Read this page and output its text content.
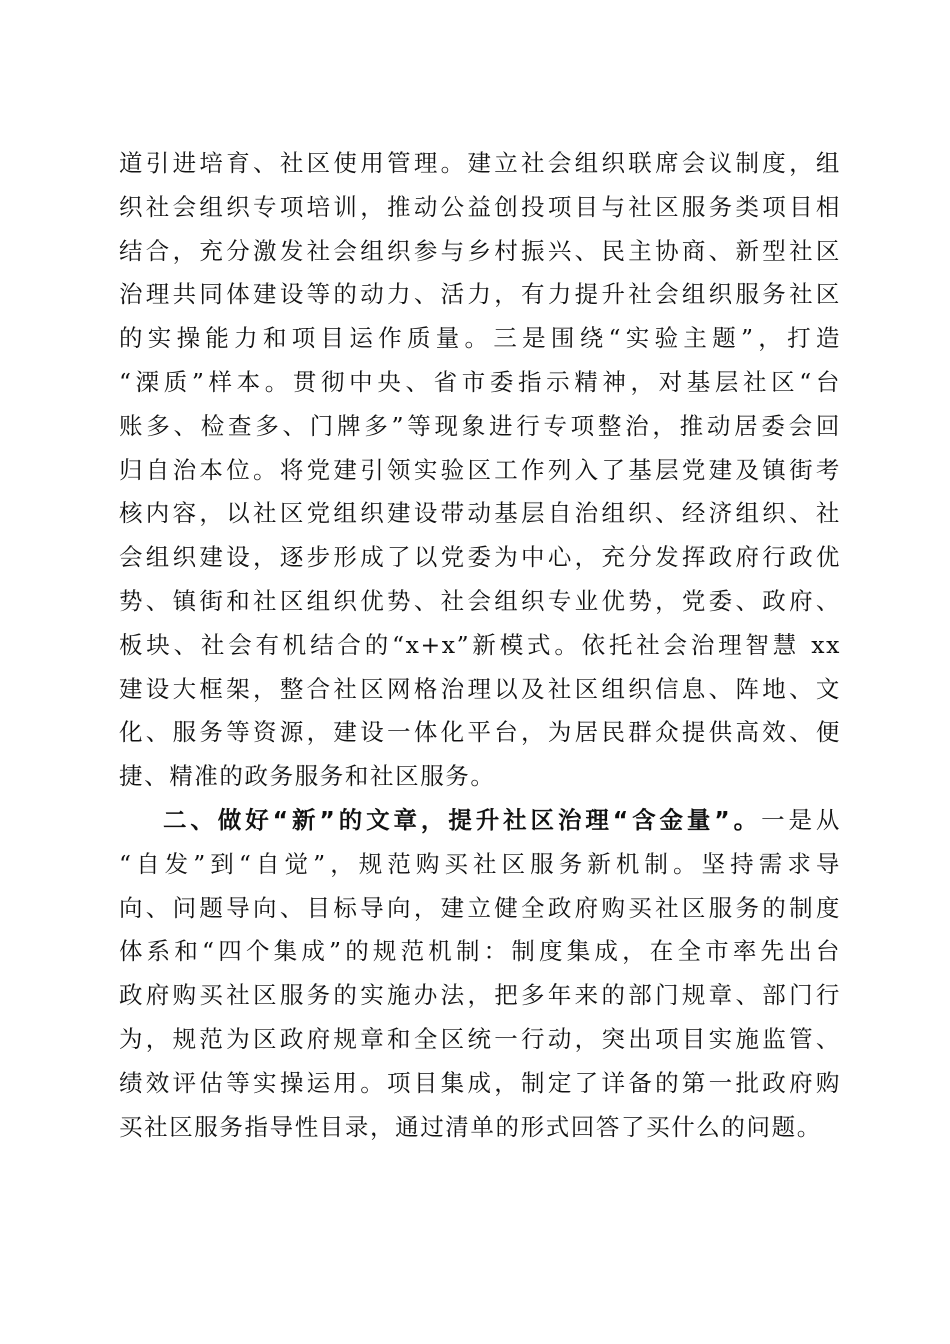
道引进培育、社区使用管理。建立社会组织联席会议制度，组
织社会组织专项培训，推动公益创投项目与社区服务类项目相
结合，充分激发社会组织参与乡村振兴、民主协商、新型社区
治理共同体建设等的动力、活力，有力提升社会组织服务社区
的实操能力和项目运作质量。三是围绕“实验主题”，打造
“溧质”样本。贯彻中央、省市委指示精神，对基层社区“台
账多、检查多、门牌多”等现象进行专项整治，推动居委会回
归自治本位。将党建引领实验区工作列入了基层党建及镇街考
核内容，以社区党组织建设带动基层自治组织、经济组织、社
会组织建设，逐步形成了以党委为中心，充分发挥政府行政优
势、镇街和社区组织优势、社会组织专业优势，党委、政府、
板块、社会有机结合的“x+x”新模式。依托社会治理智慧 xx
建设大框架，整合社区网格治理以及社区组织信息、阵地、文
化、服务等资源，建设一体化平台，为居民群众提供高效、便
捷、精准的政务服务和社区服务。
二、做好“新”的文章，提升社区治理“含金量”。一是从
“自发”到“自觉”，规范购买社区服务新机制。坚持需求导
向、问题导向、目标导向，建立健全政府购买社区服务的制度
体系和“四个集成”的规范机制：制度集成，在全市率先出台
政府购买社区服务的实施办法，把多年来的部门规章、部门行
为，规范为区政府规章和全区统一行动，突出项目实施监管、
绩效评估等实操运用。项目集成，制定了详备的第一批政府购
买社区服务指导性目录，通过清单的形式回答了买什么的问题。
